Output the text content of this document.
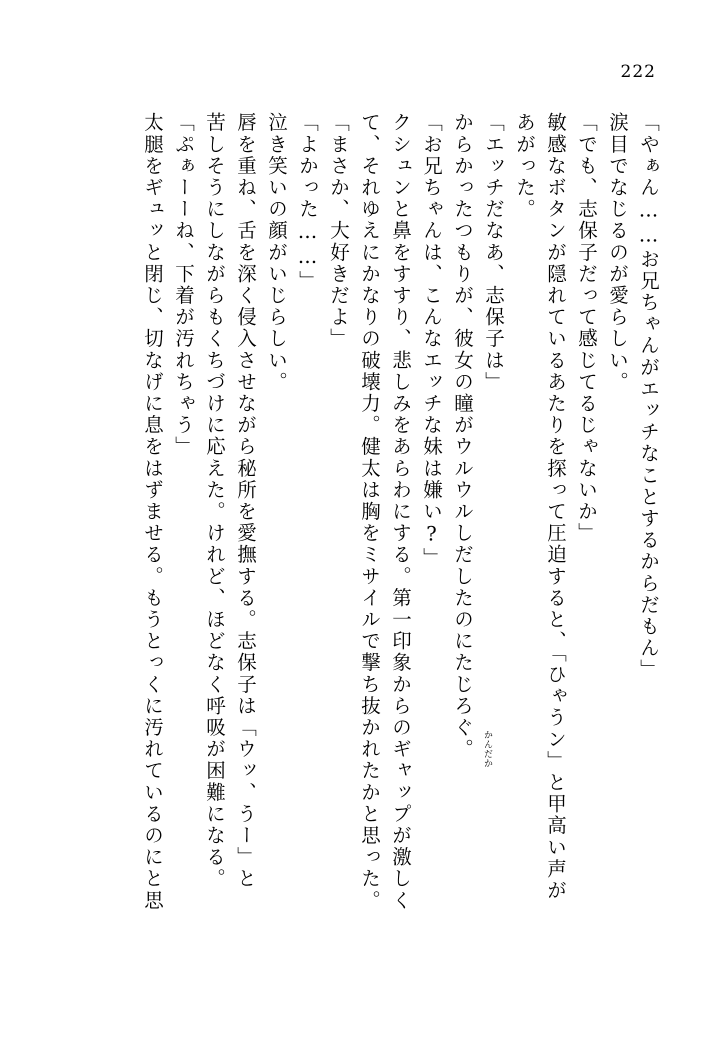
222
「やぁん……お兄ちゃんがエッチなことするからだもん」
涙目でなじるのが愛らしい。
「でも、志保子だって感じてるじゃないか」
敏感なボタンが隠れているあたりを探って圧迫すると、「ひゃうン」と甲高い声が
あがった。
「エッチだなあ、志保子は」
からかったつもりが、彼女の瞳がウルウルしだしたのにたじろぐ。
「お兄ちゃんは、こんなエッチな妹は嫌い?」
クシュンと鼻をすすり、悲しみをあらわにする。第一印象からのギャップが激しく
て、それゆえにかなりの破壊力。健太は胸をミサイルで撃ち抜かれたかと思った。
「まさか、大好きだよ」
「よかった……」
泣き笑いの顔がいじらしい。
唇を重ね、舌を深く侵入させながら秘所を愛撫する。志保子は「ウッ、うー」と
苦しそうにしながらもくちづけに応えた。けれど、ほどなく呼吸が困難になる。
「ぷぁーーね、下着が汚れちゃう」
太腿をギュッと閉じ、切なげに息をはずませる。もうとっくに汚れているのにと思	かんだか
